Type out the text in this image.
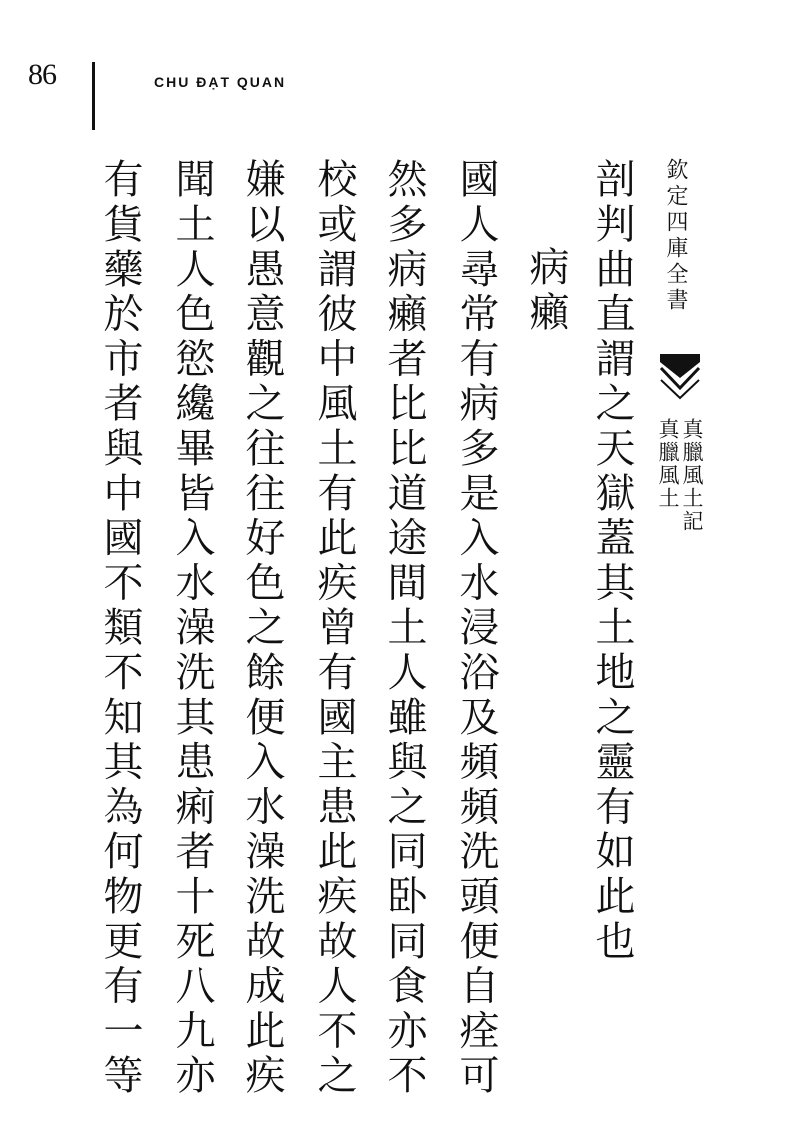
86	CHU ĐẠT QUAN
欽定四庫全書
真臘風土記
真臘風土
剖判曲直謂之天獄蓋其土地之靈有如此也
病癩
國人尋常有病多是入水浸浴及頻頻洗頭便自痊可
然多病癩者比比道途間土人雖與之同卧同食亦不
校或謂彼中風土有此疾曾有國主患此疾故人不之
嫌以愚意觀之往往好色之餘便入水澡洗故成此疾
聞土人色慾纔畢皆入水澡洗其患痢者十死八九亦
有貨藥於市者與中國不類不知其為何物更有一等
